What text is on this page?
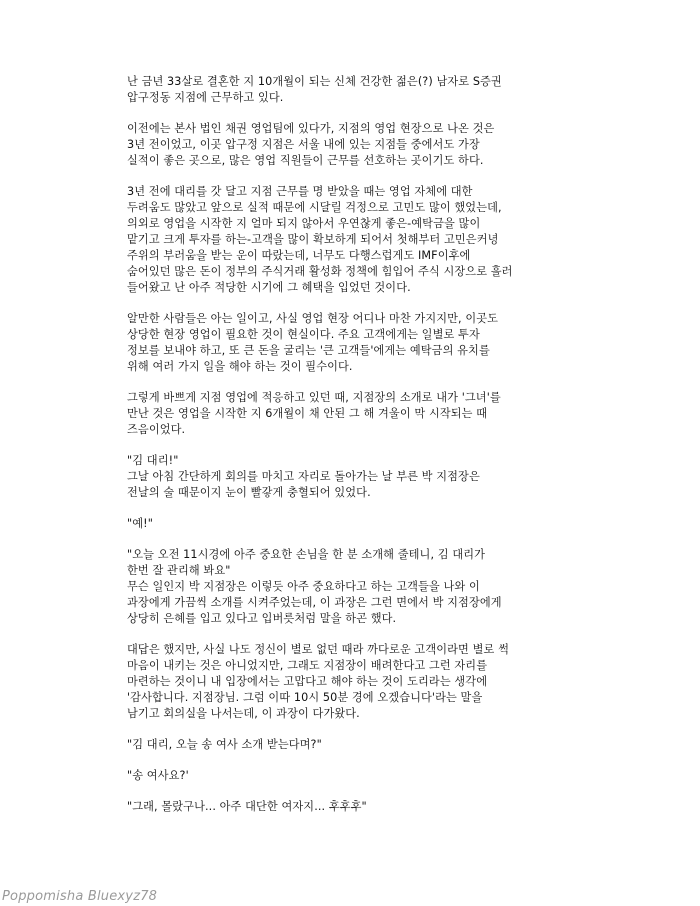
난 금년 33살로 결혼한 지 10개월이 되는 신체 건강한 젊은(?) 남자로 S증권
압구정동 지점에 근무하고 있다.
이전에는 본사 법인 채권 영업팀에 있다가, 지점의 영업 현장으로 나온 것은
3년 전이었고, 이곳 압구정 지점은 서울 내에 있는 지점들 중에서도 가장
실적이 좋은 곳으로, 많은 영업 직원들이 근무를 선호하는 곳이기도 하다.
3년 전에 대리를 갓 달고 지점 근무를 명 받았을 때는 영업 자체에 대한
두려움도 많았고 앞으로 실적 때문에 시달릴 걱정으로 고민도 많이 했었는데,
의외로 영업을 시작한 지 얼마 되지 않아서 우연찮게 좋은-예탁금을 많이
맡기고 크게 투자를 하는-고객을 많이 확보하게 되어서 첫해부터 고민은커녕
주위의 부러움을 받는 운이 따랐는데, 너무도 다행스럽게도 IMF이후에
숨어있던 많은 돈이 정부의 주식거래 활성화 정책에 힘입어 주식 시장으로 흘러
들어왔고 난 아주 적당한 시기에 그 혜택을 입었던 것이다.
알만한 사람들은 아는 일이고, 사실 영업 현장 어디나 마찬 가지지만, 이곳도
상당한 현장 영업이 필요한 것이 현실이다. 주요 고객에게는 일별로 투자
정보를 보내야 하고, 또 큰 돈을 굴리는 '큰 고객들'에게는 예탁금의 유치를
위해 여러 가지 일을 해야 하는 것이 필수이다.
그렇게 바쁘게 지점 영업에 적응하고 있던 때, 지점장의 소개로 내가 '그녀'를
만난 것은 영업을 시작한 지 6개월이 채 안된 그 해 겨울이 막 시작되는 때
즈음이었다.
"김 대리!"
그날 아침 간단하게 회의를 마치고 자리로 돌아가는 날 부른 박 지점장은
전날의 술 때문이지 눈이 빨갛게 충혈되어 있었다.
"예!"
"오늘 오전 11시경에 아주 중요한 손님을 한 분 소개해 줄테니, 김 대리가
한번 잘 관리해 봐요"
무슨 일인지 박 지점장은 이렇듯 아주 중요하다고 하는 고객들을 나와 이
과장에게 가끔씩 소개를 시켜주었는데, 이 과장은 그런 면에서 박 지점장에게
상당히 은혜를 입고 있다고 입버릇처럼 말을 하곤 했다.
대답은 했지만, 사실 나도 정신이 별로 없던 때라 까다로운 고객이라면 별로 썩
마음이 내키는 것은 아니었지만, 그래도 지점장이 배려한다고 그런 자리를
마련하는 것이니 내 입장에서는 고맙다고 해야 하는 것이 도리라는 생각에
'감사합니다. 지점장님. 그럼 이따 10시 50분 경에 오겠습니다'라는 말을
남기고 회의실을 나서는데, 이 과장이 다가왔다.
"김 대리, 오늘 송 여사 소개 받는다며?"
"송 여사요?'
"그래, 몰랐구나... 아주 대단한 여자지... 후후후"
Poppomisha Bluexyz78
